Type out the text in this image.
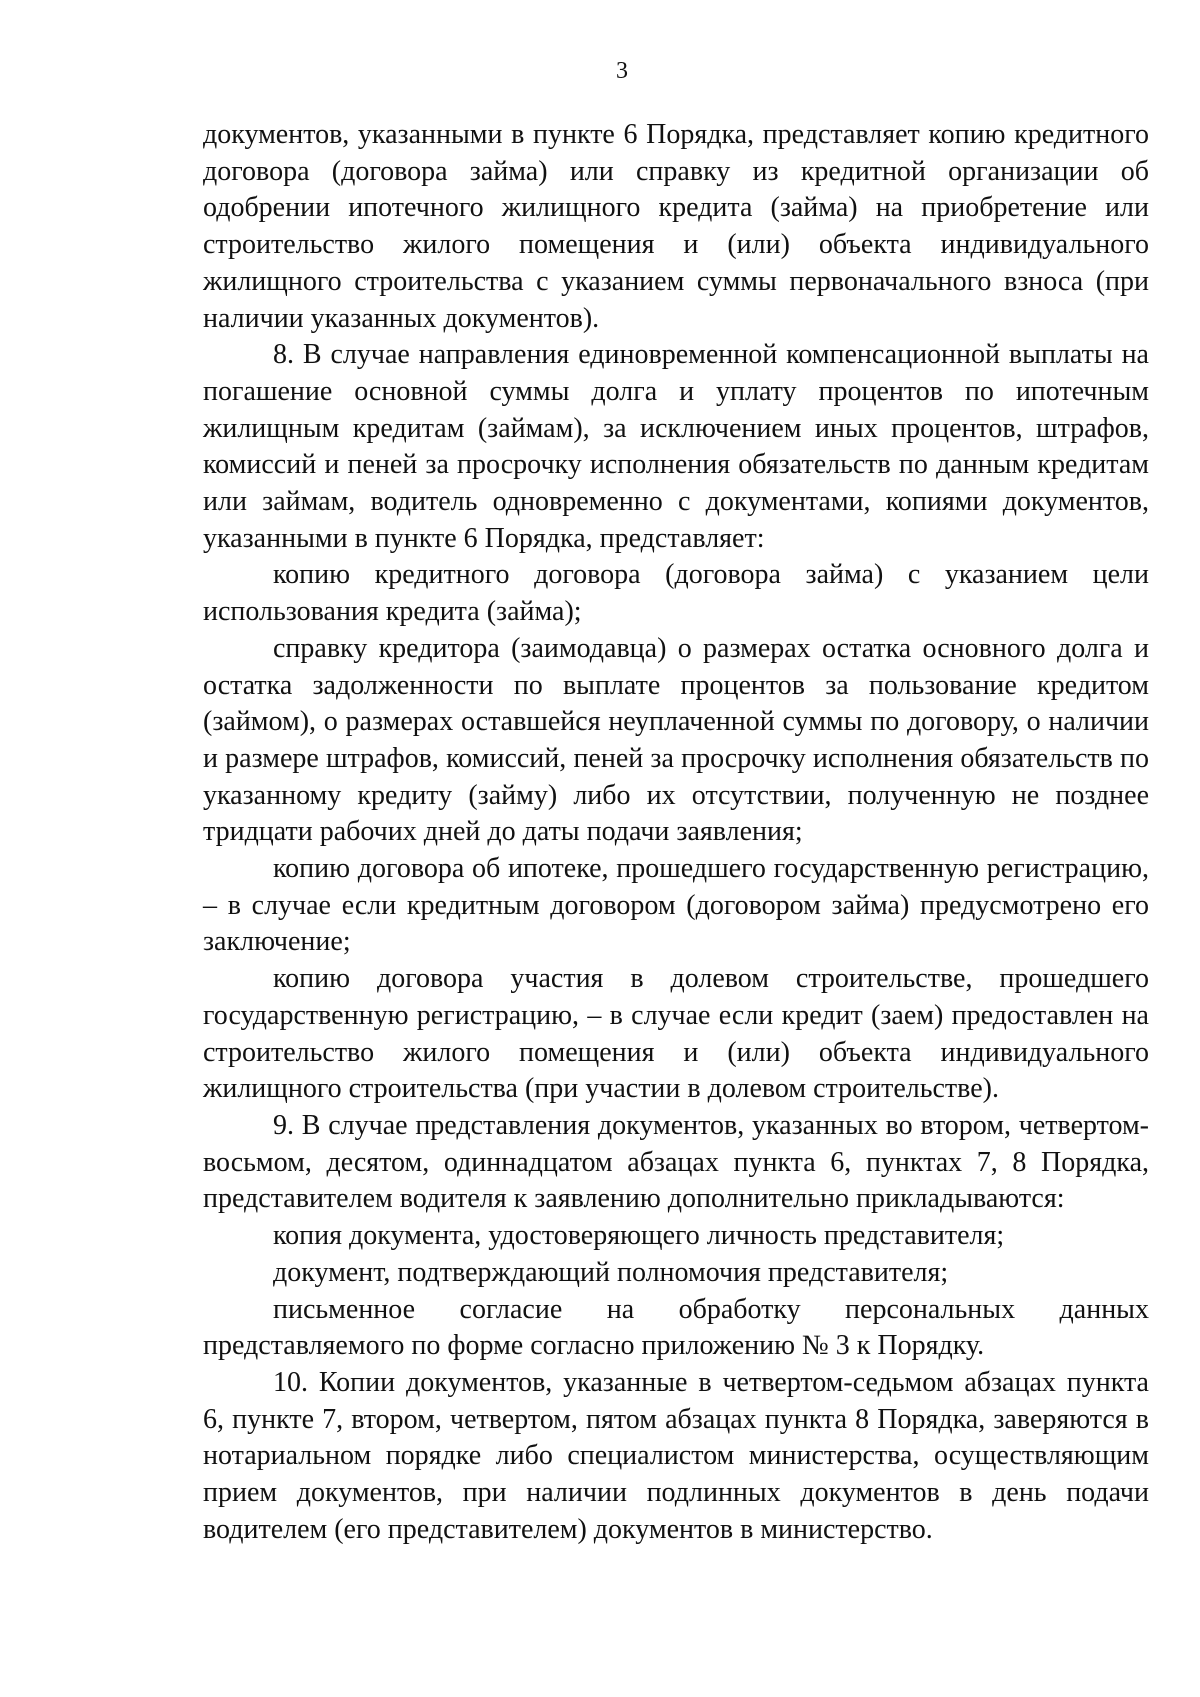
3

документов, указанными в пункте 6 Порядка, представляет копию кредитного договора (договора займа) или справку из кредитной организации об одобрении ипотечного жилищного кредита (займа) на приобретение или строительство жилого помещения и (или) объекта индивидуального жилищного строительства с указанием суммы первоначального взноса (при наличии указанных документов).

8. В случае направления единовременной компенсационной выплаты на погашение основной суммы долга и уплату процентов по ипотечным жилищным кредитам (займам), за исключением иных процентов, штрафов, комиссий и пеней за просрочку исполнения обязательств по данным кредитам или займам, водитель одновременно с документами, копиями документов, указанными в пункте 6 Порядка, представляет:

копию кредитного договора (договора займа) с указанием цели использования кредита (займа);

справку кредитора (заимодавца) о размерах остатка основного долга и остатка задолженности по выплате процентов за пользование кредитом (займом), о размерах оставшейся неуплаченной суммы по договору, о наличии и размере штрафов, комиссий, пеней за просрочку исполнения обязательств по указанному кредиту (займу) либо их отсутствии, полученную не позднее тридцати рабочих дней до даты подачи заявления;

копию договора об ипотеке, прошедшего государственную регистрацию, – в случае если кредитным договором (договором займа) предусмотрено его заключение;

копию договора участия в долевом строительстве, прошедшего государственную регистрацию, – в случае если кредит (заем) предоставлен на строительство жилого помещения и (или) объекта индивидуального жилищного строительства (при участии в долевом строительстве).

9. В случае представления документов, указанных во втором, четвертом-восьмом, десятом, одиннадцатом абзацах пункта 6, пунктах 7, 8 Порядка, представителем водителя к заявлению дополнительно прикладываются:

копия документа, удостоверяющего личность представителя;

документ, подтверждающий полномочия представителя;

письменное согласие на обработку персональных данных представляемого по форме согласно приложению № 3 к Порядку.

10. Копии документов, указанные в четвертом-седьмом абзацах пункта 6, пункте 7, втором, четвертом, пятом абзацах пункта 8 Порядка, заверяются в нотариальном порядке либо специалистом министерства, осуществляющим прием документов, при наличии подлинных документов в день подачи водителем (его представителем) документов в министерство.
